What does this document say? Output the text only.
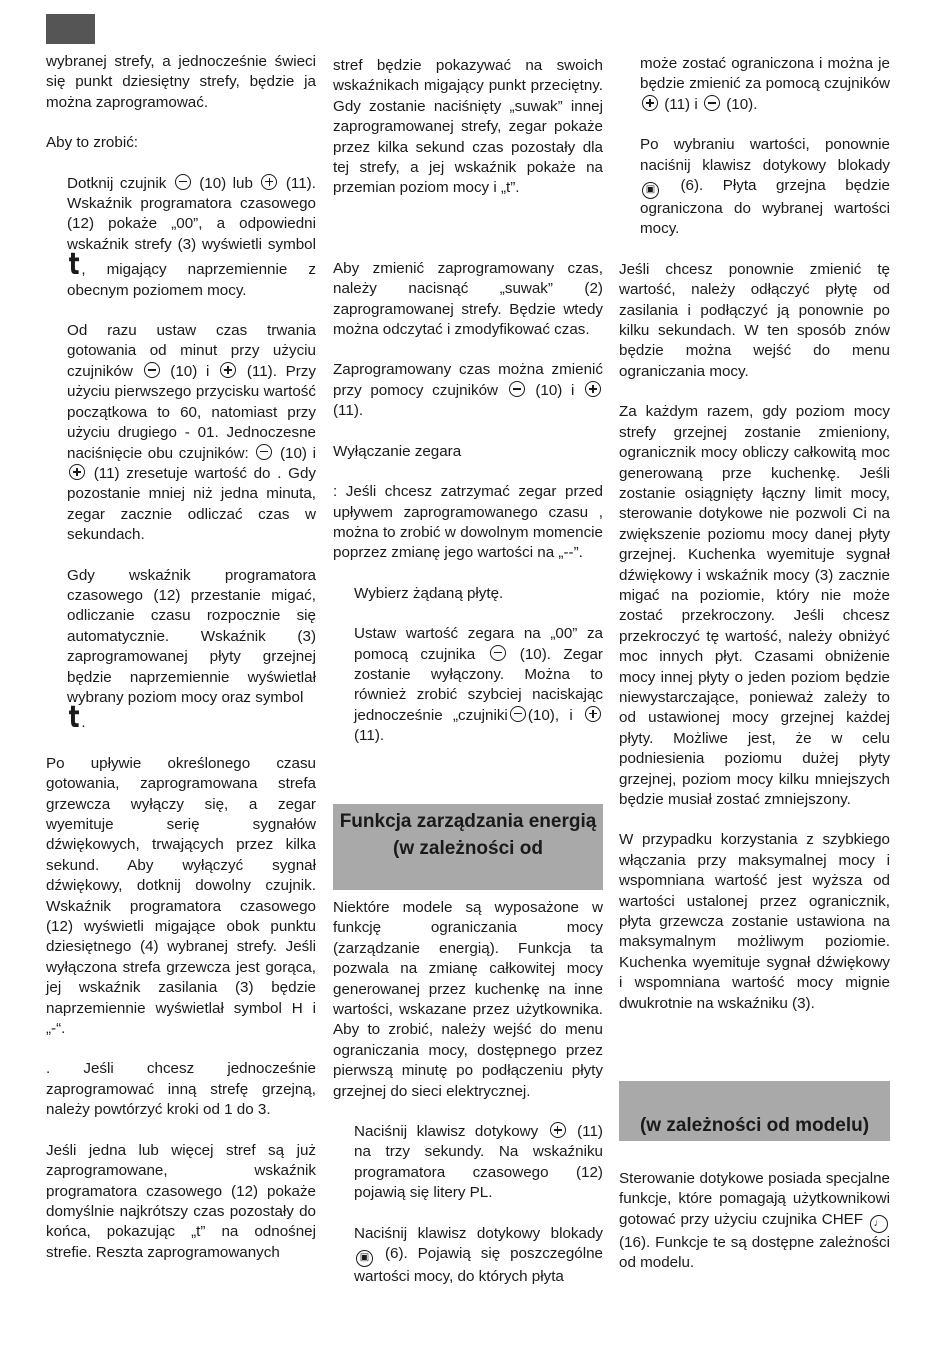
wybranej strefy, a jednocześnie świeci się punkt dziesiętny strefy, będzie ja można zaprogramować.

Aby to zrobić:

Dotknij czujnik (10) lub (11). Wskaźnik programatora czasowego (12) pokaże „00”, a odpowiedni wskaźnik strefy (3) wyświetli symbol t , migający naprzemiennie z obecnym poziomem mocy.

Od razu ustaw czas trwania gotowania od minut przy użyciu czujników (10) i (11). Przy użyciu pierwszego przycisku wartość początkowa to 60, natomiast przy użyciu drugiego - 01. Jednoczesne naciśnięcie obu czujników: (10) i  (11) zresetuje wartość do . Gdy pozostanie mniej niż jedna minuta, zegar zacznie odliczać czas w sekundach.

Gdy wskaźnik programatora czasowego (12) przestanie migać, odliczanie czasu rozpocznie się automatycznie. Wskaźnik (3) zaprogramowanej płyty grzejnej będzie naprzemiennie wyświetlał wybrany poziom mocy oraz symbol
t .

Po upływie określonego czasu gotowania, zaprogramowana strefa grzewcza wyłączy się, a zegar wyemituje serię sygnałów dźwiękowych, trwających przez kilka sekund. Aby wyłączyć sygnał dźwiękowy, dotknij dowolny czujnik. Wskaźnik programatora czasowego (12) wyświetli migające obok punktu dziesiętnego (4) wybranej strefy. Jeśli wyłączona strefa grzewcza jest gorąca, jej wskaźnik zasilania (3) będzie naprzemiennie wyświetlał symbol H i „-“.

. Jeśli chcesz jednocześnie zaprogramować inną strefę grzejną, należy powtórzyć kroki od 1 do 3.

Jeśli jedna lub więcej stref są już zaprogramowane, wskaźnik programatora czasowego (12) pokaże domyślnie najkrótszy czas pozostały do końca, pokazując „t” na odnośnej strefie. Reszta zaprogramowanych

stref będzie pokazywać na swoich wskaźnikach migający punkt przeciętny. Gdy zostanie naciśnięty „suwak” innej zaprogramowanej strefy, zegar pokaże przez kilka sekund czas pozostały dla tej strefy, a jej wskaźnik pokaże na przemian poziom mocy i „t”.

Aby zmienić zaprogramowany czas, należy nacisnąć „suwak” (2) zaprogramowanej strefy. Będzie wtedy można odczytać i zmodyfikować czas.

Zaprogramowany czas można zmienić przy pomocy czujników (10) i  (11).

Wyłączanie zegara

: Jeśli chcesz zatrzymać zegar przed upływem zaprogramowanego czasu , można to zrobić w dowolnym momencie poprzez zmianę jego wartości na „--”.

Wybierz żądaną płytę.

Ustaw wartość zegara na „00” za pomocą czujnika	(10). Zegar zostanie wyłączony. Można to również zrobić szybciej naciskając jednocześnie „czujniki (10), i  (11).

Funkcja zarządzania energią (w zależności od

Niektóre modele są wyposażone w funkcję ograniczania mocy (zarządzanie energią). Funkcja ta pozwala na zmianę całkowitej mocy generowanej przez kuchenkę na inne wartości, wskazane przez użytkownika. Aby to zrobić, należy wejść do menu ograniczania mocy, dostępnego przez pierwszą minutę po podłączeniu płyty grzejnej do sieci elektrycznej.

Naciśnij klawisz dotykowy	(11) na trzy sekundy. Na wskaźniku programatora czasowego (12) pojawią się litery PL.

Naciśnij klawisz dotykowy blokady ▣ (6). Pojawią się poszczególne wartości mocy, do których płyta

może zostać ograniczona i można je będzie zmienić za pomocą czujników  (11) i (10).

Po wybraniu wartości, ponownie naciśnij klawisz dotykowy blokady ▣ (6). Płyta grzejna będzie ograniczona do wybranej wartości mocy.

Jeśli chcesz ponownie zmienić tę wartość, należy odłączyć płytę od zasilania i podłączyć ją ponownie po kilku sekundach. W ten sposób znów będzie można wejść do menu ograniczania mocy.

Za każdym razem, gdy poziom mocy strefy grzejnej zostanie zmieniony, ogranicznik mocy obliczy całkowitą moc generowaną prze kuchenkę. Jeśli zostanie osiągnięty łączny limit mocy, sterowanie dotykowe nie pozwoli Ci na zwiększenie poziomu mocy danej płyty grzejnej. Kuchenka wyemituje sygnał dźwiękowy i wskaźnik mocy (3) zacznie migać na poziomie, który nie może zostać przekroczony. Jeśli chcesz przekroczyć tę wartość, należy obniżyć moc innych płyt. Czasami obniżenie mocy innej płyty o jeden poziom będzie niewystarczające, ponieważ zależy to od ustawionej mocy grzejnej każdej płyty. Możliwe jest, że w celu podniesienia poziomu dużej płyty grzejnej, poziom mocy kilku mniejszych będzie musiał zostać zmniejszony.

W przypadku korzystania z szybkiego włączania przy maksymalnej mocy i wspomniana wartość jest wyższa od wartości ustalonej przez ogranicznik, płyta grzewcza zostanie ustawiona na maksymalnym możliwym poziomie. Kuchenka wyemituje sygnał dźwiękowy i wspomniana wartość mocy mignie dwukrotnie na wskaźniku (3).

(w zależności od modelu)

Sterowanie dotykowe posiada specjalne funkcje, które pomagają użytkownikowi gotować przy użyciu czujnika CHEF ♩ (16). Funkcje te są dostępne zależności od modelu.
